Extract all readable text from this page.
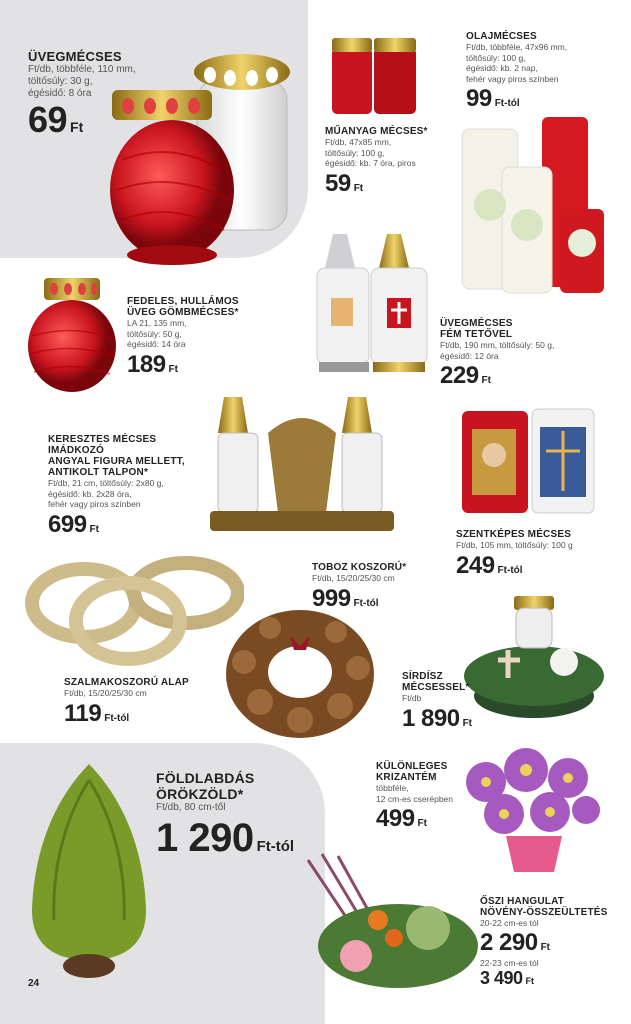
ÜVEGMÉCSES
Ft/db, többféle, 110 mm,
töltősúly: 30 g,
égésidő: 8 óra
69 Ft	MŰANYAG MÉCSES*
Ft/db, 47x85 mm,
töltősúly: 100 g,
égésidő: kb. 7 óra, piros
59 Ft
OLAJMÉCSES
Ft/db, többféle, 47x96 mm,
töltősúly: 100 g,
égésidő: kb. 2 nap,
fehér vagy piros színben
99 Ft-tól
FEDELES, HULLÁMOS
ÜVEG GÖMBMÉCSES*
LA 21, 135 mm,
töltősúly: 50 g,
égésidő: 14 óra
189 Ft
ÜVEGMÉCSES
FÉM TETŐVEL
Ft/db, 190 mm, töltősúly: 50 g,
égésidő: 12 óra
229 Ft
KERESZTES MÉCSES IMÁDKOZÓ
ANGYAL FIGURA MELLETT,
ANTIKOLT TALPON*
Ft/db, 21 cm, töltősúly: 2x80 g,
égésidő: kb. 2x28 óra,
fehér vagy piros színben
699 Ft	SZENTKÉPES MÉCSES
Ft/db, 105 mm, töltősúly: 100 g
249 Ft-tól
TOBOZ KOSZORÚ*
Ft/db, 15/20/25/30 cm
999 Ft-tól
SZALMAKOSZORÚ ALAP
Ft/db, 15/20/25/30 cm
119 Ft-tól
SÍRDÍSZ
MÉCSESSEL*
Ft/db
1 890 Ft
FÖLDLABDÁS
ÖRÖKZÖLD*
Ft/db, 80 cm-től
1 290 Ft-tól
KÜLÖNLEGES
KRIZANTÉM
többféle,
12 cm-es cserépben
499 Ft
ŐSZI HANGULAT
NÖVÉNY-ÖSSZEÜLTETÉS
20-22 cm-es tól
2 290 Ft
22-23 cm-es tól
3 490 Ft
24
